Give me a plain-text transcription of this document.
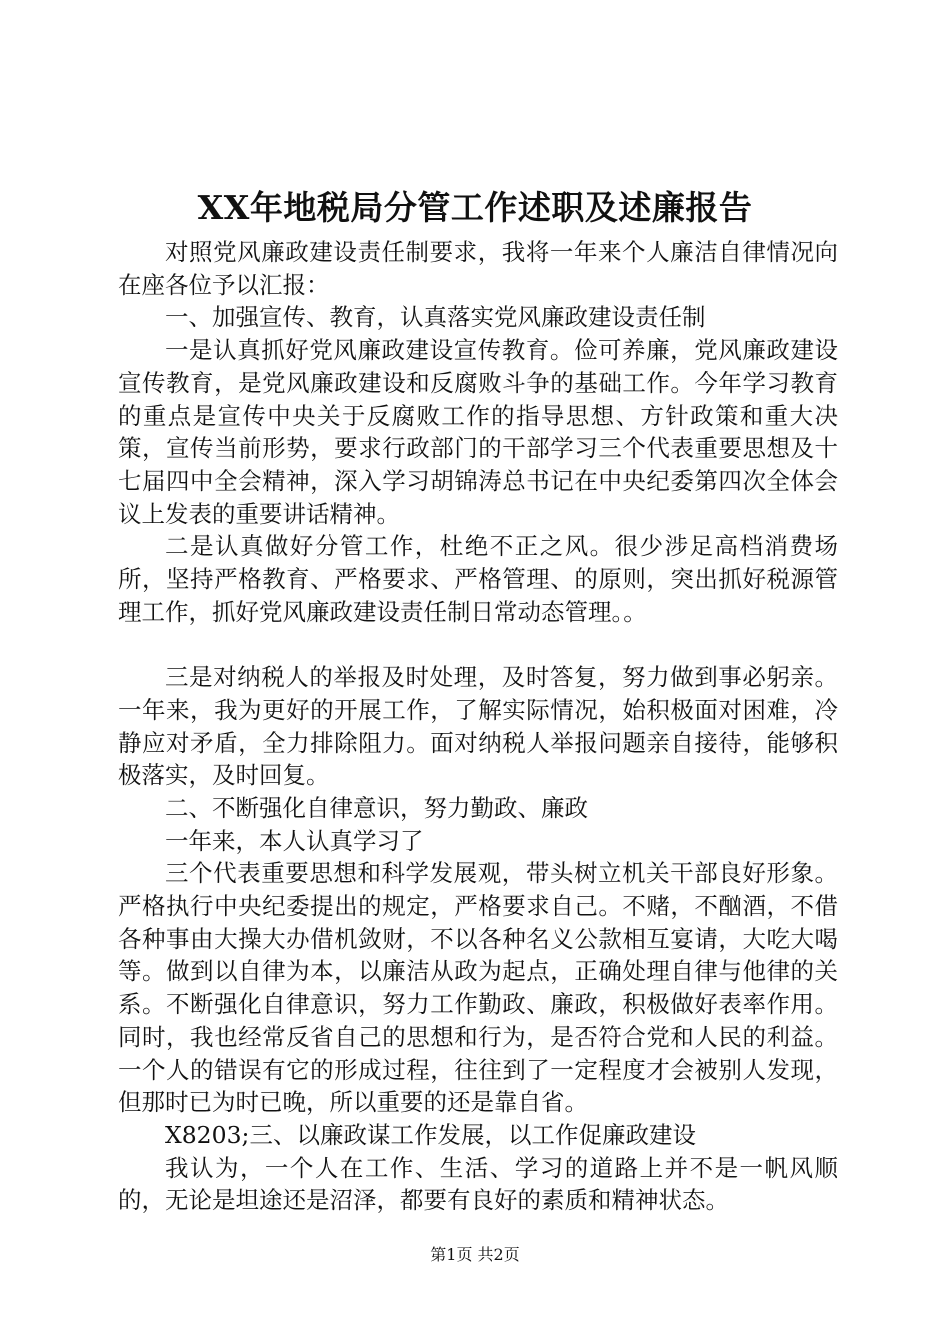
XX年地税局分管工作述职及述廉报告

对照党风廉政建设责任制要求，我将一年来个人廉洁自律情况向在座各位予以汇报：

一、加强宣传、教育，认真落实党风廉政建设责任制

一是认真抓好党风廉政建设宣传教育。俭可养廉，党风廉政建设宣传教育，是党风廉政建设和反腐败斗争的基础工作。今年学习教育的重点是宣传中央关于反腐败工作的指导思想、方针政策和重大决策，宣传当前形势，要求行政部门的干部学习三个代表重要思想及十七届四中全会精神，深入学习胡锦涛总书记在中央纪委第四次全体会议上发表的重要讲话精神。

二是认真做好分管工作，杜绝不正之风。很少涉足高档消费场所，坚持严格教育、严格要求、严格管理、的原则，突出抓好税源管理工作，抓好党风廉政建设责任制日常动态管理。。

三是对纳税人的举报及时处理，及时答复，努力做到事必躬亲。一年来，我为更好的开展工作，了解实际情况，始积极面对困难，冷静应对矛盾，全力排除阻力。面对纳税人举报问题亲自接待，能够积极落实，及时回复。

二、不断强化自律意识，努力勤政、廉政

一年来，本人认真学习了

三个代表重要思想和科学发展观，带头树立机关干部良好形象。严格执行中央纪委提出的规定，严格要求自己。不赌，不酗酒，不借各种事由大操大办借机敛财，不以各种名义公款相互宴请，大吃大喝等。做到以自律为本，以廉洁从政为起点，正确处理自律与他律的关系。不断强化自律意识，努力工作勤政、廉政，积极做好表率作用。同时，我也经常反省自己的思想和行为，是否符合党和人民的利益。一个人的错误有它的形成过程，往往到了一定程度才会被别人发现，但那时已为时已晚，所以重要的还是靠自省。

X8203;三、以廉政谋工作发展，以工作促廉政建设

我认为，一个人在工作、生活、学习的道路上并不是一帆风顺的，无论是坦途还是沼泽，都要有良好的素质和精神状态。

第1页 共2页
